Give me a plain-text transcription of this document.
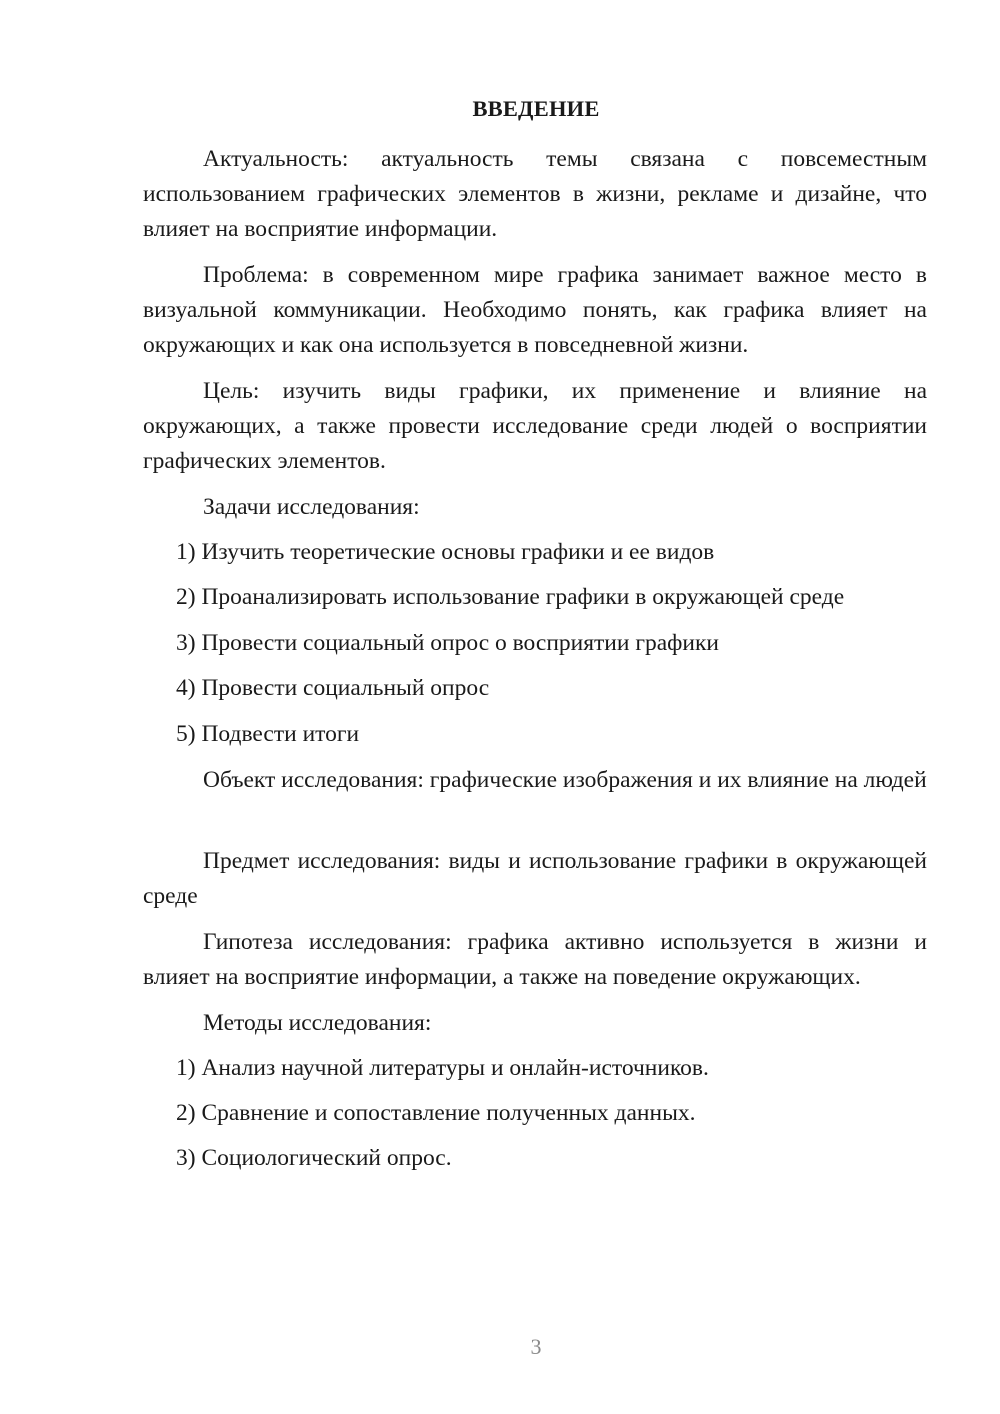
ВВЕДЕНИЕ

Актуальность: актуальность темы связана с повсеместным использованием графических элементов в жизни, рекламе и дизайне, что влияет на восприятие информации.

Проблема: в современном мире графика занимает важное место в визуальной коммуникации. Необходимо понять, как графика влияет на окружающих и как она используется в повседневной жизни.

Цель: изучить виды графики, их применение и влияние на окружающих, а также провести исследование среди людей о восприятии графических элементов.

Задачи исследования:

1) Изучить теоретические основы графики и ее видов

2) Проанализировать использование графики в окружающей среде

3) Провести социальный опрос о восприятии графики

4) Провести социальный опрос

5) Подвести итоги

Объект исследования: графические изображения и их влияние на людей

Предмет исследования: виды и использование графики в окружающей среде

Гипотеза исследования: графика активно используется в жизни и влияет на восприятие информации, а также на поведение окружающих.

Методы исследования:

1) Анализ научной литературы и онлайн-источников.

2) Сравнение и сопоставление полученных данных.

3) Социологический опрос.

3
